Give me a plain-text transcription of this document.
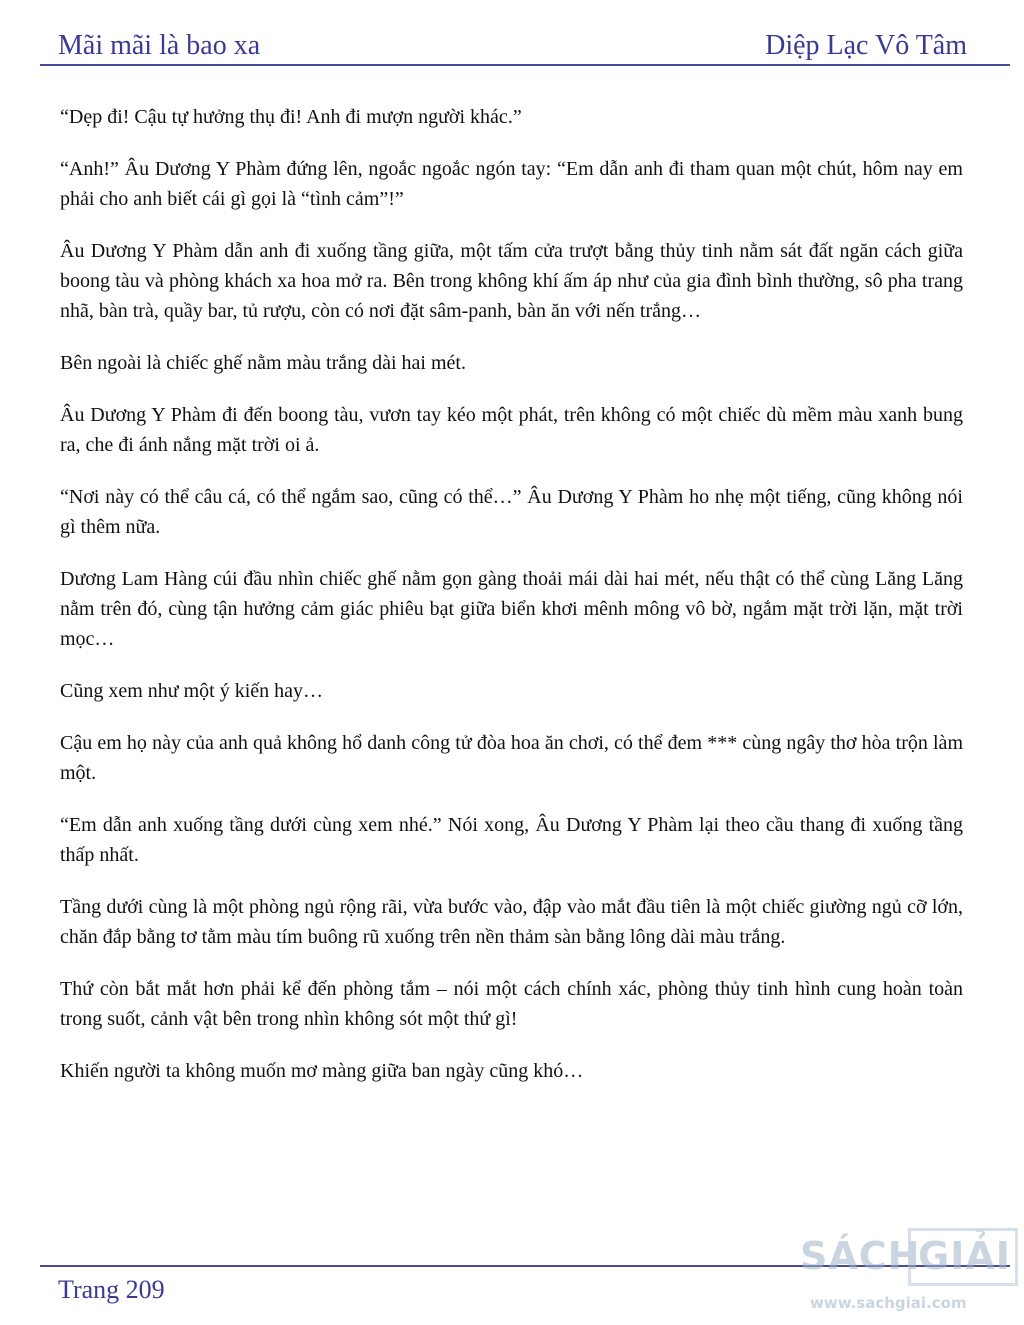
Mãi mãi là bao xa	Diệp Lạc Vô Tâm

“Dẹp đi! Cậu tự hưởng thụ đi! Anh đi mượn người khác.”

“Anh!” Âu Dương Y Phàm đứng lên, ngoắc ngoắc ngón tay: “Em dẫn anh đi tham quan một chút, hôm nay em phải cho anh biết cái gì gọi là “tình cảm”!”

Âu Dương Y Phàm dẫn anh đi xuống tầng giữa, một tấm cửa trượt bằng thủy tinh nằm sát đất ngăn cách giữa boong tàu và phòng khách xa hoa mở ra. Bên trong không khí ấm áp như của gia đình bình thường, sô pha trang nhã, bàn trà, quầy bar, tủ rượu, còn có nơi đặt sâm-panh, bàn ăn với nến trắng…

Bên ngoài là chiếc ghế nằm màu trắng dài hai mét.

Âu Dương Y Phàm đi đến boong tàu, vươn tay kéo một phát, trên không có một chiếc dù mềm màu xanh bung ra, che đi ánh nắng mặt trời oi ả.

“Nơi này có thể câu cá, có thể ngắm sao, cũng có thể…” Âu Dương Y Phàm ho nhẹ một tiếng, cũng không nói gì thêm nữa.

Dương Lam Hàng cúi đầu nhìn chiếc ghế nằm gọn gàng thoải mái dài hai mét, nếu thật có thể cùng Lăng Lăng nằm trên đó, cùng tận hưởng cảm giác phiêu bạt giữa biển khơi mênh mông vô bờ, ngắm mặt trời lặn, mặt trời mọc…

Cũng xem như một ý kiến hay…

Cậu em họ này của anh quả không hổ danh công tử đòa hoa ăn chơi, có thể đem *** cùng ngây thơ hòa trộn làm một.

“Em dẫn anh xuống tầng dưới cùng xem nhé.” Nói xong, Âu Dương Y Phàm lại theo cầu thang đi xuống tầng thấp nhất.

Tầng dưới cùng là một phòng ngủ rộng rãi, vừa bước vào, đập vào mắt đầu tiên là một chiếc giường ngủ cỡ lớn, chăn đắp bằng tơ tằm màu tím buông rũ xuống trên nền thảm sàn bằng lông dài màu trắng.

Thứ còn bắt mắt hơn phải kể đến phòng tắm – nói một cách chính xác, phòng thủy tinh hình cung hoàn toàn trong suốt, cảnh vật bên trong nhìn không sót một thứ gì!

Khiến người ta không muốn mơ màng giữa ban ngày cũng khó…

Trang 209
SÁCH
GIẢI
www.sachgiai.com
